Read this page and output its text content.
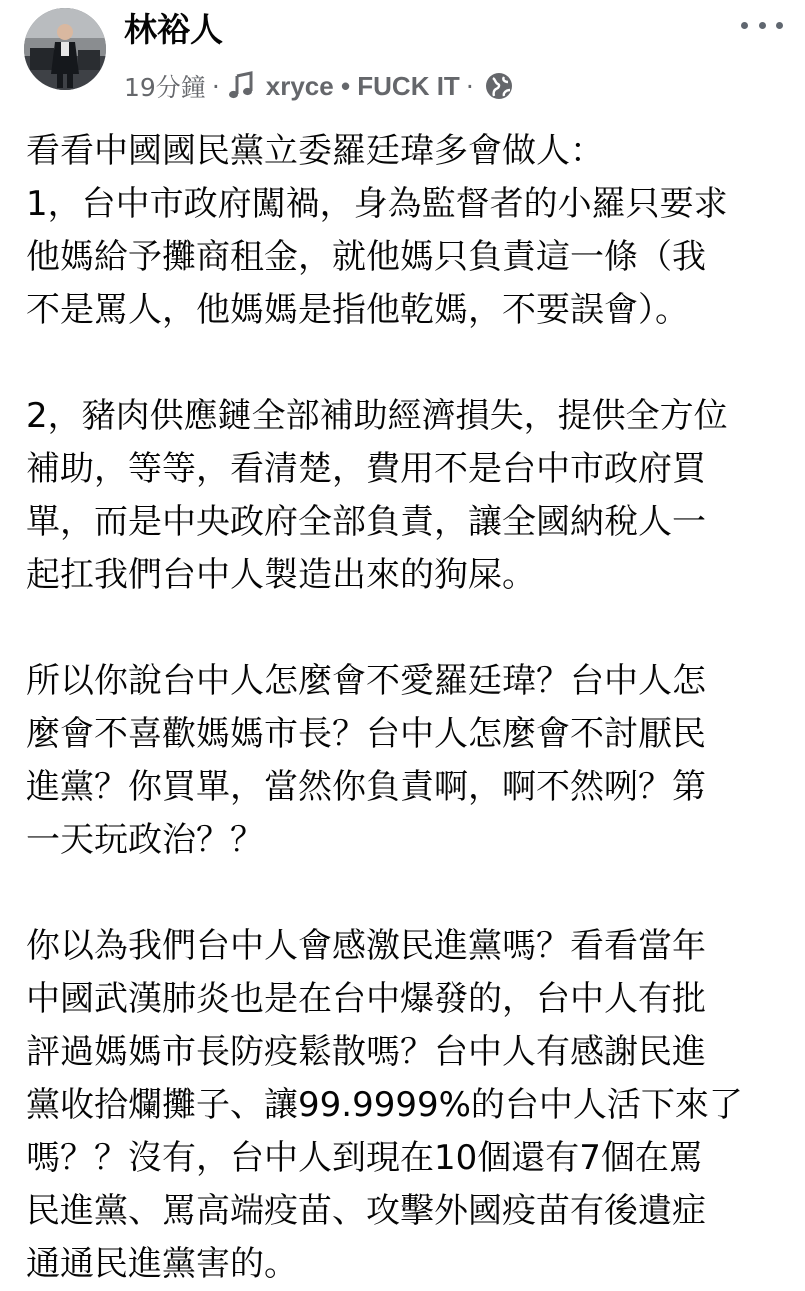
林裕人
19分鐘 · xryce • FUCK IT ·

看看中國國民黨立委羅廷瑋多會做人：
1，台中市政府闖禍，身為監督者的小羅只要求
他媽給予攤商租金，就他媽只負責這一條（我
不是罵人，他媽媽是指他乾媽，不要誤會）。

2，豬肉供應鏈全部補助經濟損失，提供全方位
補助，等等，看清楚，費用不是台中市政府買
單，而是中央政府全部負責，讓全國納稅人一
起扛我們台中人製造出來的狗屎。

所以你說台中人怎麼會不愛羅廷瑋？台中人怎
麼會不喜歡媽媽市長？台中人怎麼會不討厭民
進黨？你買單，當然你負責啊，啊不然咧？第
一天玩政治？？

你以為我們台中人會感激民進黨嗎？看看當年
中國武漢肺炎也是在台中爆發的，台中人有批
評過媽媽市長防疫鬆散嗎？台中人有感謝民進
黨收拾爛攤子、讓99.9999%的台中人活下來了
嗎？？沒有，台中人到現在10個還有7個在罵
民進黨、罵高端疫苗、攻擊外國疫苗有後遺症
通通民進黨害的。
